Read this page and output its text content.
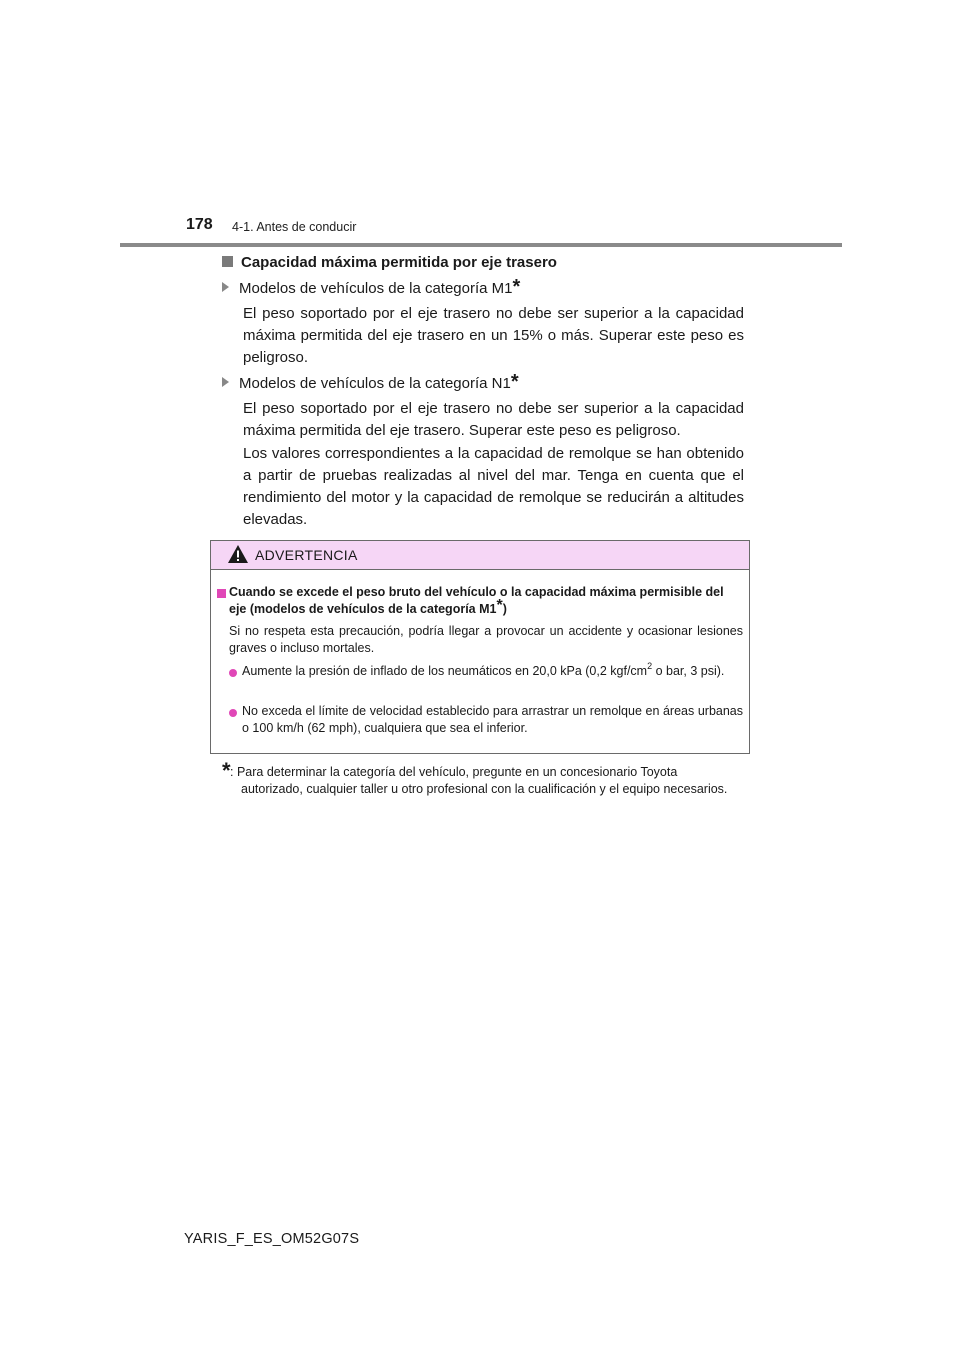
178 4-1. Antes de conducir
Capacidad máxima permitida por eje trasero
Modelos de vehículos de la categoría M1*
El peso soportado por el eje trasero no debe ser superior a la capacidad máxima permitida del eje trasero en un 15% o más. Superar este peso es peligroso.
Modelos de vehículos de la categoría N1*
El peso soportado por el eje trasero no debe ser superior a la capacidad máxima permitida del eje trasero. Superar este peso es peligroso.
Los valores correspondientes a la capacidad de remolque se han obtenido a partir de pruebas realizadas al nivel del mar. Tenga en cuenta que el rendimiento del motor y la capacidad de remolque se reducirán a altitudes elevadas.
ADVERTENCIA
Cuando se excede el peso bruto del vehículo o la capacidad máxima permisible del eje (modelos de vehículos de la categoría M1*)
Si no respeta esta precaución, podría llegar a provocar un accidente y ocasionar lesiones graves o incluso mortales.
Aumente la presión de inflado de los neumáticos en 20,0 kPa (0,2 kgf/$cm^2$ o bar, 3 psi).
No exceda el límite de velocidad establecido para arrastrar un remolque en áreas urbanas o 100 km/h (62 mph), cualquiera que sea el inferior.
* : Para determinar la categoría del vehículo, pregunte en un concesionario Toyota
autorizado, cualquier taller u otro profesional con la cualificación y el equipo necesarios.
YARIS_F_ES_OM52G07S
